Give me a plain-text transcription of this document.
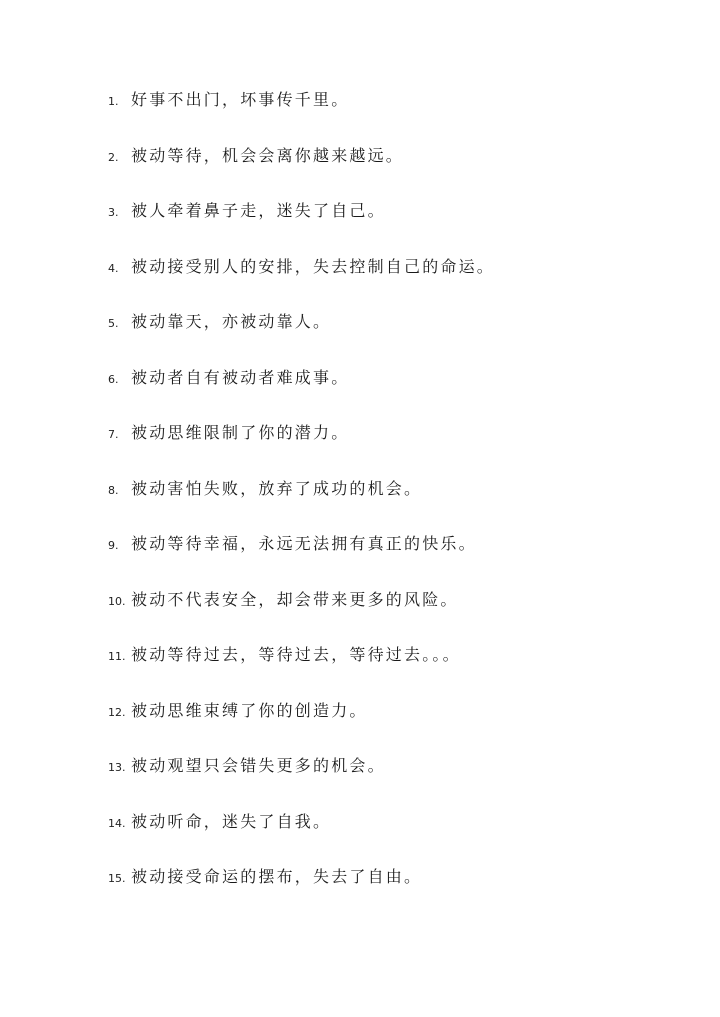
1. 好事不出门，坏事传千里。
2. 被动等待，机会会离你越来越远。
3. 被人牵着鼻子走，迷失了自己。
4. 被动接受别人的安排，失去控制自己的命运。
5. 被动靠天，亦被动靠人。
6. 被动者自有被动者难成事。
7. 被动思维限制了你的潜力。
8. 被动害怕失败，放弃了成功的机会。
9. 被动等待幸福，永远无法拥有真正的快乐。
10. 被动不代表安全，却会带来更多的风险。
11. 被动等待过去，等待过去，等待过去。。。
12. 被动思维束缚了你的创造力。
13. 被动观望只会错失更多的机会。
14. 被动听命，迷失了自我。
15. 被动接受命运的摆布，失去了自由。
